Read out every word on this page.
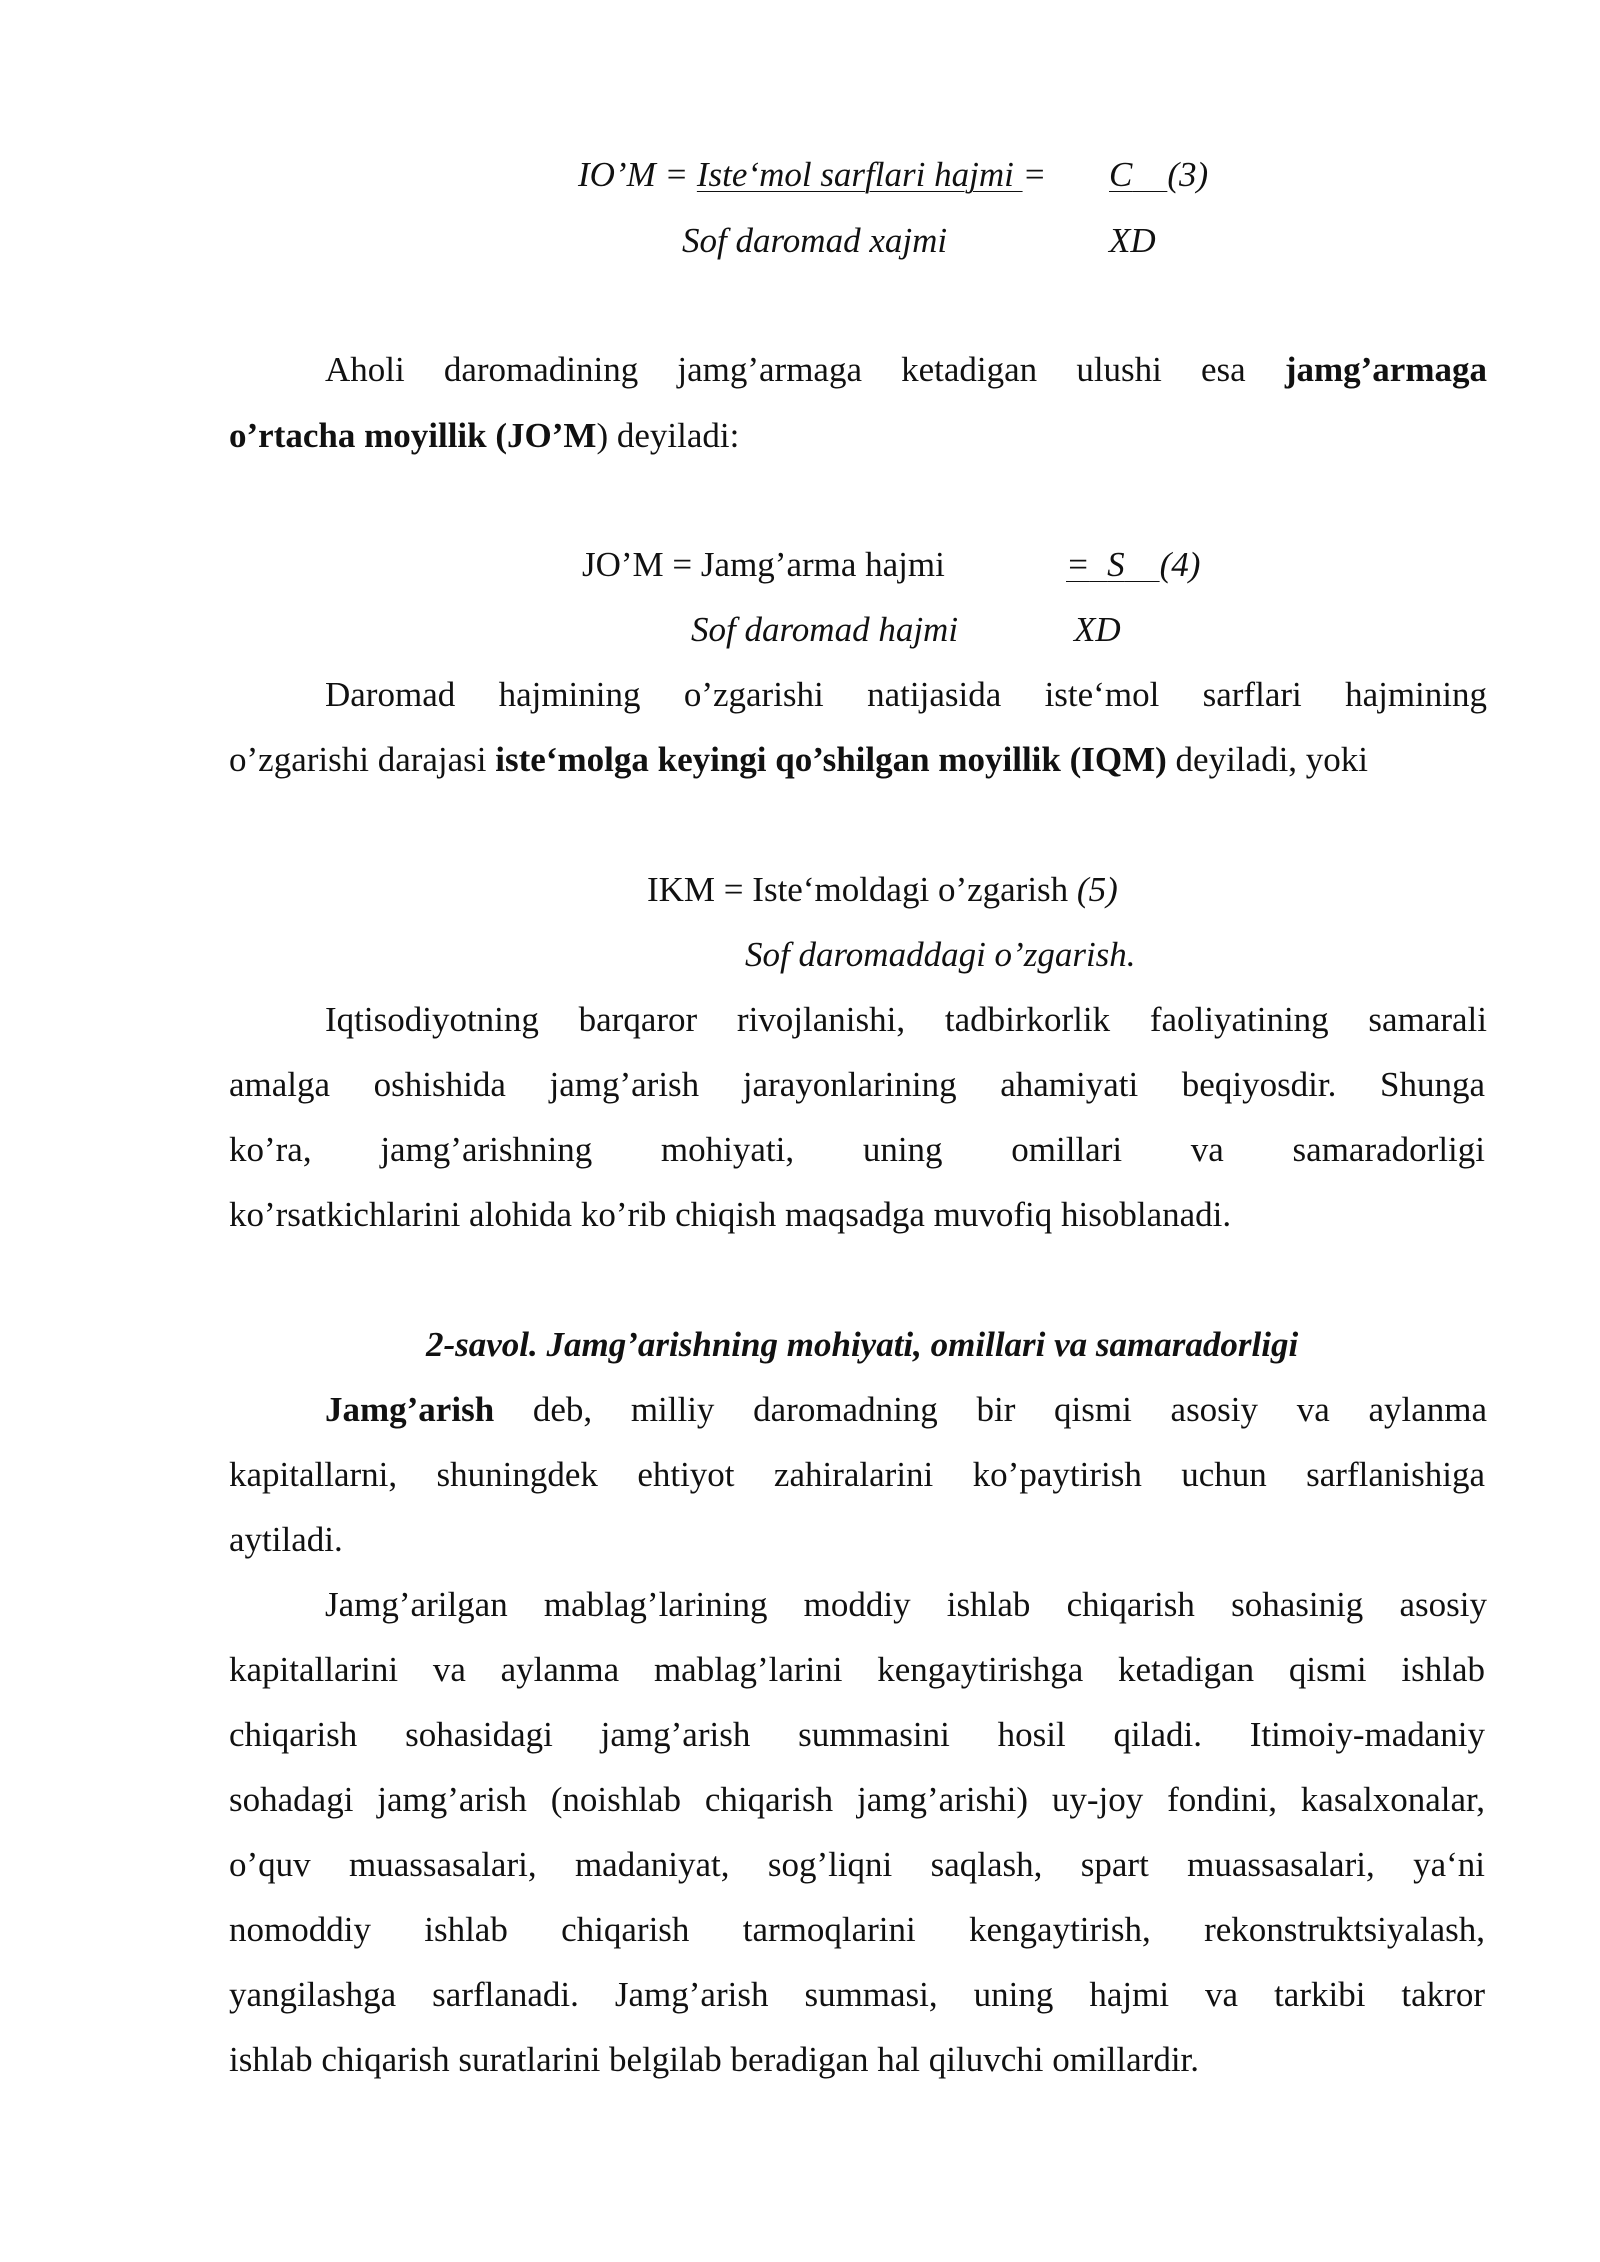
IO’M = Iste‘mol sarflari hajmi = C (3)
Sof daromad xajmi	XD
Aholi daromadining jamg’armaga ketadigan ulushi esa jamg’armaga
o’rtacha moyillik (JO’M) deyiladi:
JO’M = Jamg’arma hajmi	= S (4)
Sof daromad hajmi	XD
Daromad hajmining o’zgarishi natijasida iste‘mol sarflari hajmining
o’zgarishi darajasi iste‘molga keyingi qo’shilgan moyillik (IQM) deyiladi, yoki
IKM = Iste‘moldagi o’zgarish (5)
Sof daromaddagi o’zgarish.
Iqtisodiyotning barqaror rivojlanishi, tadbirkorlik faoliyatining samarali
amalga oshishida jamg’arish jarayonlarining ahamiyati beqiyosdir. Shunga
ko’ra, jamg’arishning mohiyati, uning omillari va samaradorligi
ko’rsatkichlarini alohida ko’rib chiqish maqsadga muvofiq hisoblanadi.
2-savol. Jamg’arishning mohiyati, omillari va samaradorligi
Jamg’arish deb, milliy daromadning bir qismi asosiy va aylanma
kapitallarni, shuningdek ehtiyot zahiralarini ko’paytirish uchun sarflanishiga
aytiladi.
Jamg’arilgan mablag’larining moddiy ishlab chiqarish sohasinig asosiy
kapitallarini va aylanma mablag’larini kengaytirishga ketadigan qismi ishlab
chiqarish sohasidagi jamg’arish summasini hosil qiladi. Itimoiy-madaniy
sohadagi jamg’arish (noishlab chiqarish jamg’arishi) uy-joy fondini, kasalxonalar,
o’quv muassasalari, madaniyat, sog’liqni saqlash, spart muassasalari, ya‘ni
nomoddiy ishlab chiqarish tarmoqlarini kengaytirish, rekonstruktsiyalash,
yangilashga sarflanadi. Jamg’arish summasi, uning hajmi va tarkibi takror
ishlab chiqarish suratlarini belgilab beradigan hal qiluvchi omillardir.
